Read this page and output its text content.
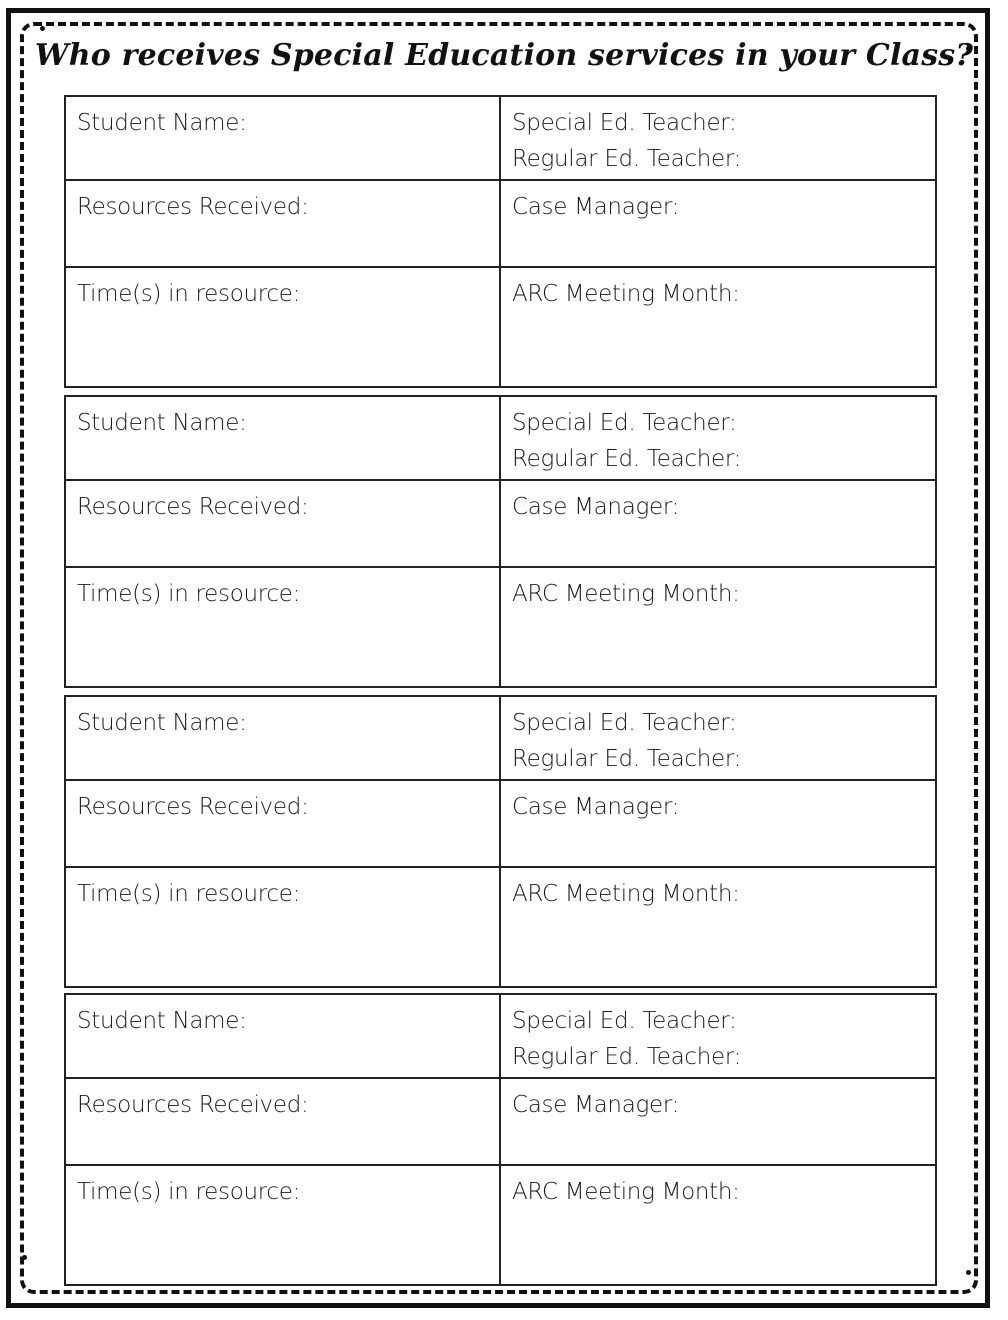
Who receives Special Education services in your Class?
Student Name:	Special Ed. Teacher:
Regular Ed. Teacher:
Resources Received:	Case Manager:
Time(s) in resource:	ARC Meeting Month:
Student Name:	Special Ed. Teacher:
Regular Ed. Teacher:
Resources Received:	Case Manager:
Time(s) in resource:	ARC Meeting Month:
Student Name:	Special Ed. Teacher:
Regular Ed. Teacher:
Resources Received:	Case Manager:
Time(s) in resource:	ARC Meeting Month:
Student Name:	Special Ed. Teacher:
Regular Ed. Teacher:
Resources Received:	Case Manager:
Time(s) in resource:	ARC Meeting Month:
